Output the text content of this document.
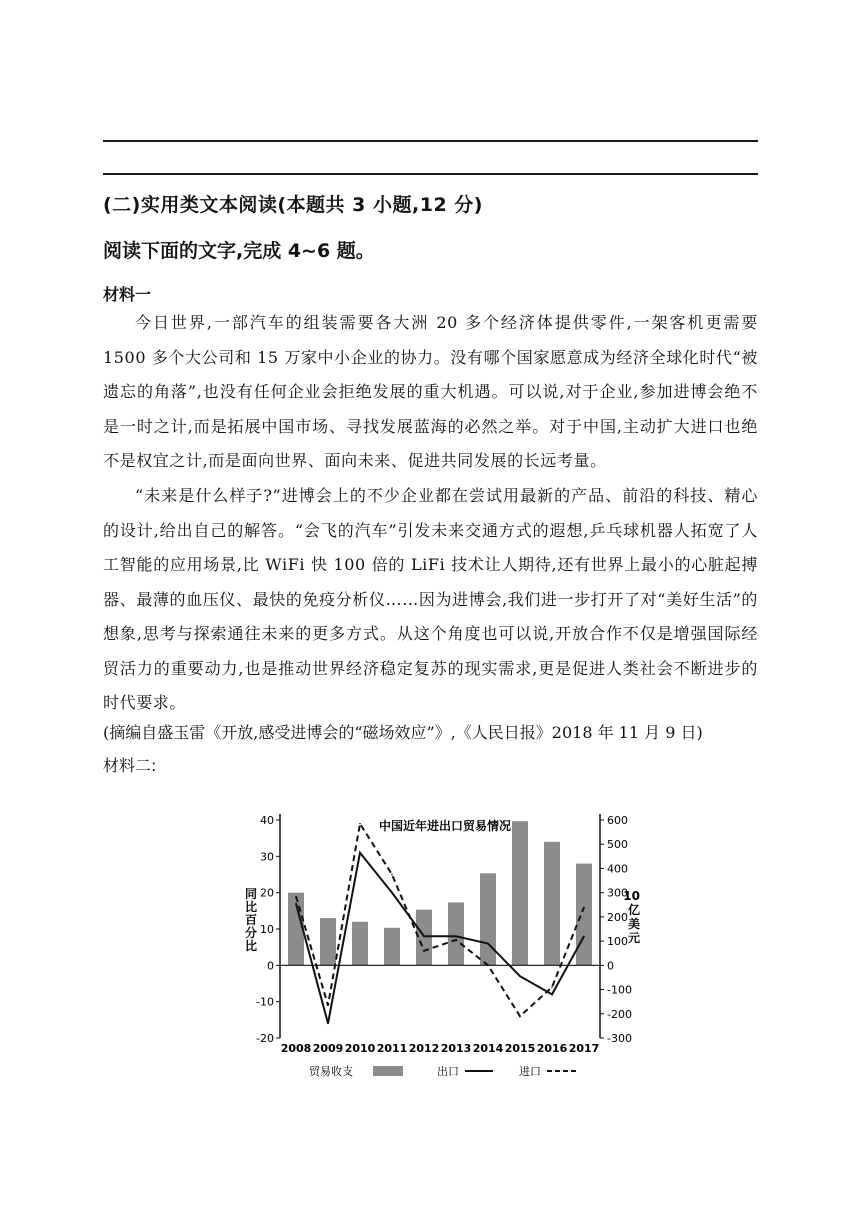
(二)实用类文本阅读(本题共 3 小题,12 分)

阅读下面的文字,完成 4~6 题。

材料一

今日世界,一部汽车的组装需要各大洲 20 多个经济体提供零件,一架客机更需要 1500 多个大公司和 15 万家中小企业的协力。没有哪个国家愿意成为经济全球化时代“被遗忘的角落”,也没有任何企业会拒绝发展的重大机遇。可以说,对于企业,参加进博会绝不是一时之计,而是拓展中国市场、寻找发展蓝海的必然之举。对于中国,主动扩大进口也绝不是权宜之计,而是面向世界、面向未来、促进共同发展的长远考量。

“未来是什么样子?”进博会上的不少企业都在尝试用最新的产品、前沿的科技、精心的设计,给出自己的解答。“会飞的汽车”引发未来交通方式的遐想,乒乓球机器人拓宽了人工智能的应用场景,比 WiFi 快 100 倍的 LiFi 技术让人期待,还有世界上最小的心脏起搏器、最薄的血压仪、最快的免疫分析仪……因为进博会,我们进一步打开了对“美好生活”的想象,思考与探索通往未来的更多方式。从这个角度也可以说,开放合作不仅是增强国际经贸活力的重要动力,也是推动世界经济稳定复苏的现实需求,更是促进人类社会不断进步的时代要求。

(摘编自盛玉雷《开放,感受进博会的“磁场效应”》,《人民日报》2018 年 11 月 9 日)

材料二:

中国近年进出口贸易情况
40
30
20
10
0
-10
-20
600
500
400
300
200
100
0
-100
-200
-300
2008 2009 2010 2011 2012 2013 2014 2015 2016 2017
同
比
百
分
比
10
亿
美
元
贸易收支	出口	进口
